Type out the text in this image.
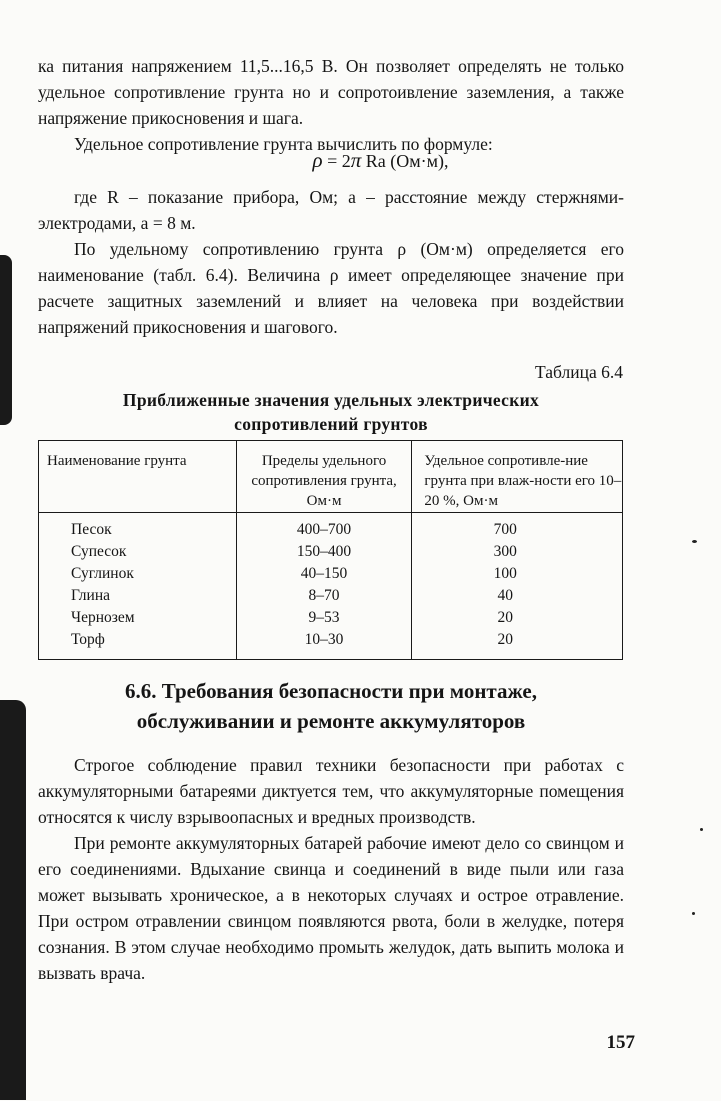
ка питания напряжением 11,5...16,5 В. Он позволяет определять не только удельное сопротивление грунта но и сопротоивление заземления, а также напряжение прикосновения и шага.

Удельное сопротивление грунта вычислить по формуле:

ρ = 2π Ra (Ом·м),

где R – показание прибора, Ом; a – расстояние между стержнями-электродами, а = 8 м.

По удельному сопротивлению грунта ρ (Ом·м) определяется его наименование (табл. 6.4). Величина ρ имеет определяющее значение при расчете защитных заземлений и влияет на человека при воздействии напряжений прикосновения и шагового.

Таблица 6.4
Приближенные значения удельных электрических
сопротивлений грунтов
Наименование грунта	Пределы удельного сопротивления грунта, Ом·м	Удельное сопротивле-ние грунта при влаж-ности его 10–20 %, Ом·м
Песок	400–700	700
Супесок	150–400	300
Суглинок	40–150	100
Глина	8–70	40
Чернозем	9–53	20
Торф	10–30	20
6.6. Требования безопасности при монтаже,
обслуживании и ремонте аккумуляторов

Строгое соблюдение правил техники безопасности при работах с аккумуляторными батареями диктуется тем, что аккумуляторные помещения относятся к числу взрывоопасных и вредных производств.

При ремонте аккумуляторных батарей рабочие имеют дело со свинцом и его соединениями. Вдыхание свинца и соединений в виде пыли или газа может вызывать хроническое, а в некоторых случаях и острое отравление. При остром отравлении свинцом появляются рвота, боли в желудке, потеря сознания. В этом случае необходимо промыть желудок, дать выпить молока и вызвать врача.

157
